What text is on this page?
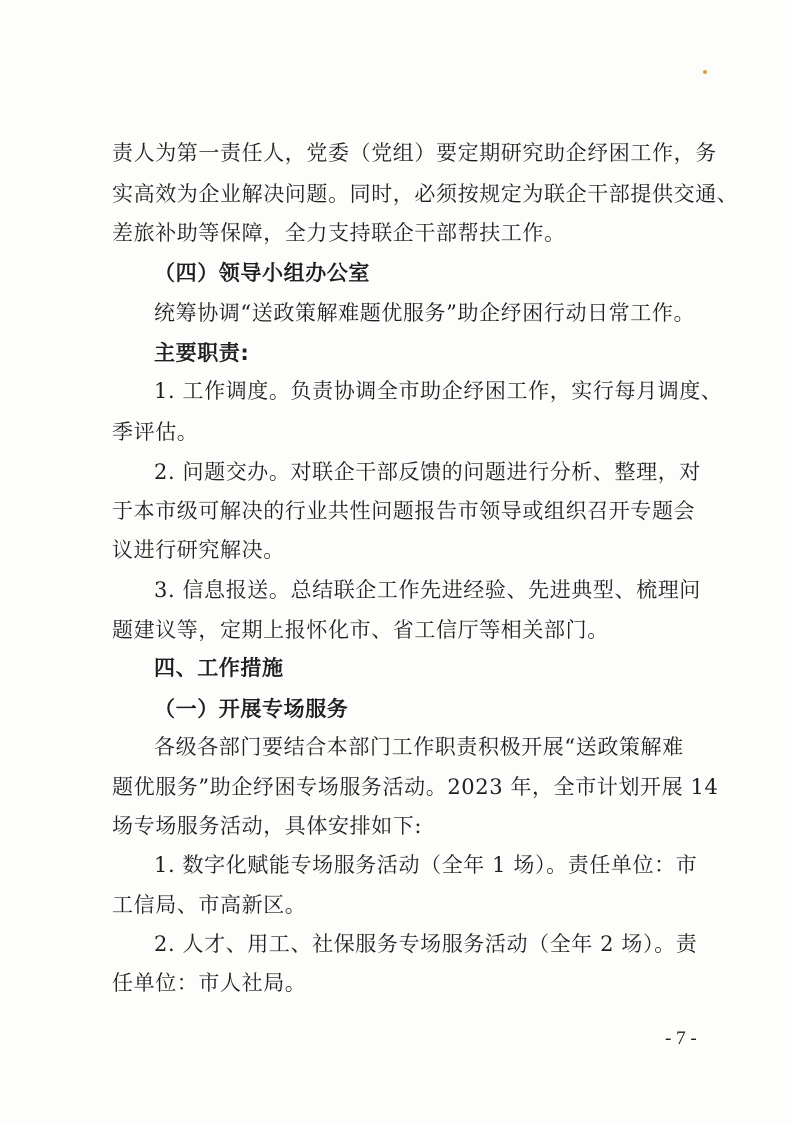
责人为第一责任人，党委（党组）要定期研究助企纾困工作，务
实高效为企业解决问题。同时，必须按规定为联企干部提供交通、
差旅补助等保障，全力支持联企干部帮扶工作。
（四）领导小组办公室
统筹协调“送政策解难题优服务”助企纾困行动日常工作。
主要职责:
1. 工作调度。负责协调全市助企纾困工作，实行每月调度、
季评估。
2. 问题交办。对联企干部反馈的问题进行分析、整理，对
于本市级可解决的行业共性问题报告市领导或组织召开专题会
议进行研究解决。
3. 信息报送。总结联企工作先进经验、先进典型、梳理问
题建议等，定期上报怀化市、省工信厅等相关部门。
四、工作措施
（一）开展专场服务
各级各部门要结合本部门工作职责积极开展“送政策解难
题优服务”助企纾困专场服务活动。2023 年，全市计划开展 14
场专场服务活动，具体安排如下:
1. 数字化赋能专场服务活动（全年 1 场）。责任单位：市
工信局、市高新区。
2. 人才、用工、社保服务专场服务活动（全年 2 场）。责
任单位：市人社局。
- 7 -
